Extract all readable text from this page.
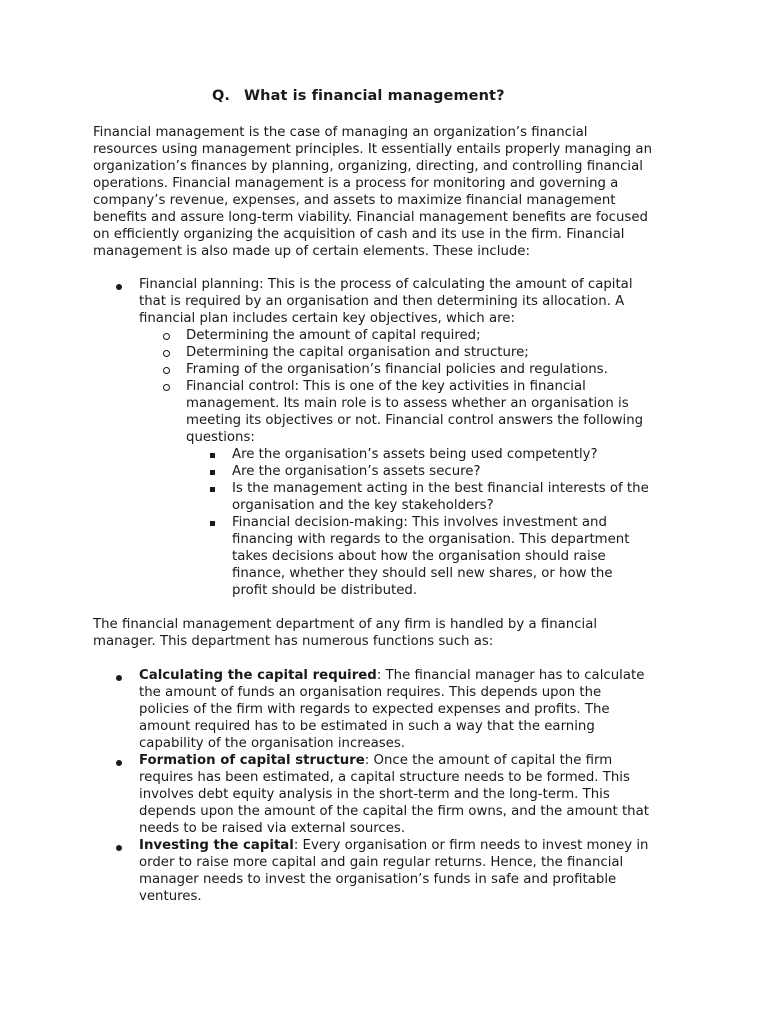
Q. What is financial management?
Financial management is the case of managing an organization’s financial
resources using management principles. It essentially entails properly managing an
organization’s finances by planning, organizing, directing, and controlling financial
operations. Financial management is a process for monitoring and governing a
company’s revenue, expenses, and assets to maximize financial management
benefits and assure long-term viability. Financial management benefits are focused
on efficiently organizing the acquisition of cash and its use in the firm. Financial
management is also made up of certain elements. These include:
Financial planning: This is the process of calculating the amount of capital
that is required by an organisation and then determining its allocation. A
financial plan includes certain key objectives, which are:
Determining the amount of capital required;
Determining the capital organisation and structure;
Framing of the organisation’s financial policies and regulations.
Financial control: This is one of the key activities in financial
management. Its main role is to assess whether an organisation is
meeting its objectives or not. Financial control answers the following
questions:
Are the organisation’s assets being used competently?
Are the organisation’s assets secure?
Is the management acting in the best financial interests of the
organisation and the key stakeholders?
Financial decision-making: This involves investment and
financing with regards to the organisation. This department
takes decisions about how the organisation should raise
finance, whether they should sell new shares, or how the
profit should be distributed.
The financial management department of any firm is handled by a financial
manager. This department has numerous functions such as:
Calculating the capital required: The financial manager has to calculate
the amount of funds an organisation requires. This depends upon the
policies of the firm with regards to expected expenses and profits. The
amount required has to be estimated in such a way that the earning
capability of the organisation increases.
Formation of capital structure: Once the amount of capital the firm
requires has been estimated, a capital structure needs to be formed. This
involves debt equity analysis in the short-term and the long-term. This
depends upon the amount of the capital the firm owns, and the amount that
needs to be raised via external sources.
Investing the capital: Every organisation or firm needs to invest money in
order to raise more capital and gain regular returns. Hence, the financial
manager needs to invest the organisation’s funds in safe and profitable
ventures.
